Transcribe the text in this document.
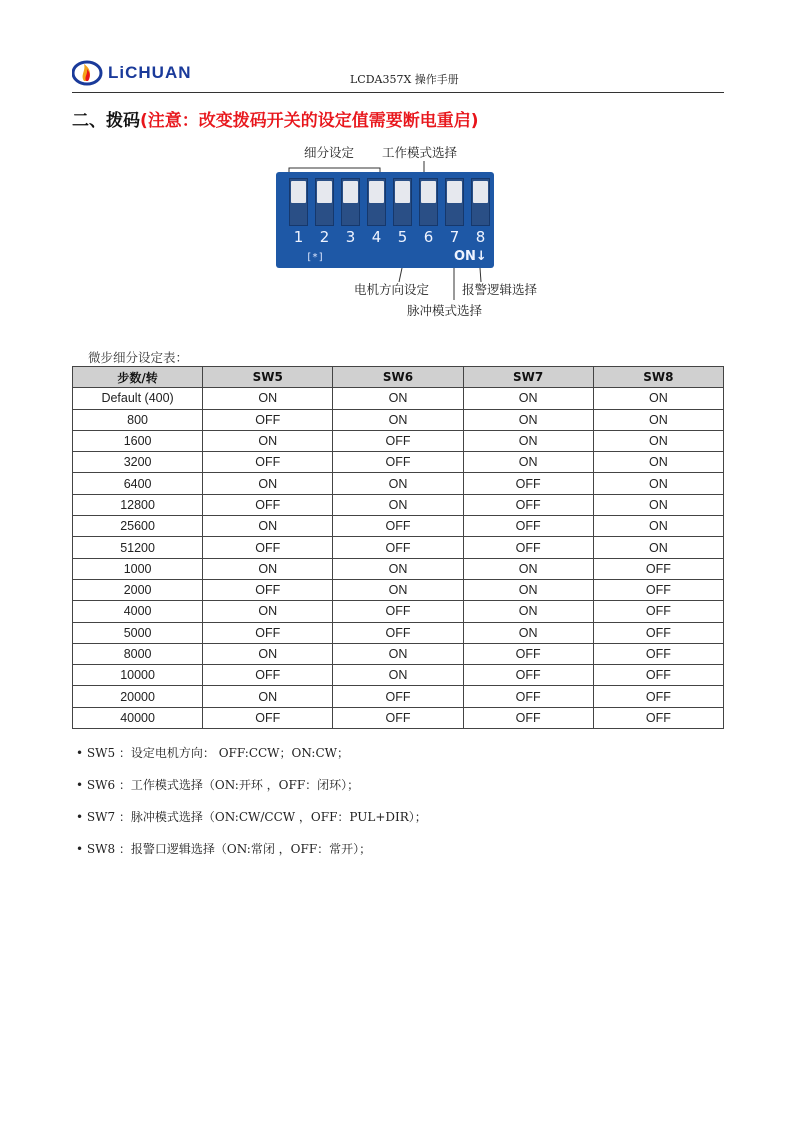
LiCHUAN	LCDA357X 操作手册
二、拨码(注意：改变拨码开关的设定值需要断电重启)
细分设定 工作模式选择
1 2 3 4 5 6 7 8
[*]	ON↓
电机方向设定	报警逻辑选择
脉冲模式选择
微步细分设定表：
步数/转	SW5	SW6	SW7	SW8
Default (400)	ON	ON	ON	ON
800	OFF	ON	ON	ON
1600	ON	OFF	ON	ON
3200	OFF	OFF	ON	ON
6400	ON	ON	OFF	ON
12800	OFF	ON	OFF	ON
25600	ON	OFF	OFF	ON
51200	OFF	OFF	OFF	ON
1000	ON	ON	ON	OFF
2000	OFF	ON	ON	OFF
4000	ON	OFF	ON	OFF
5000	OFF	OFF	ON	OFF
8000	ON	ON	OFF	OFF
10000	OFF	ON	OFF	OFF
20000	ON	OFF	OFF	OFF
40000	OFF	OFF	OFF	OFF
• SW5 ：设定电机方向： OFF:CCW；ON:CW；
• SW6 ：工作模式选择（ON:开环 ，OFF：闭环）；
• SW7 ：脉冲模式选择（ON:CW/CCW ，OFF：PUL+DIR）；
• SW8 ：报警口逻辑选择（ON:常闭 ，OFF：常开）；
